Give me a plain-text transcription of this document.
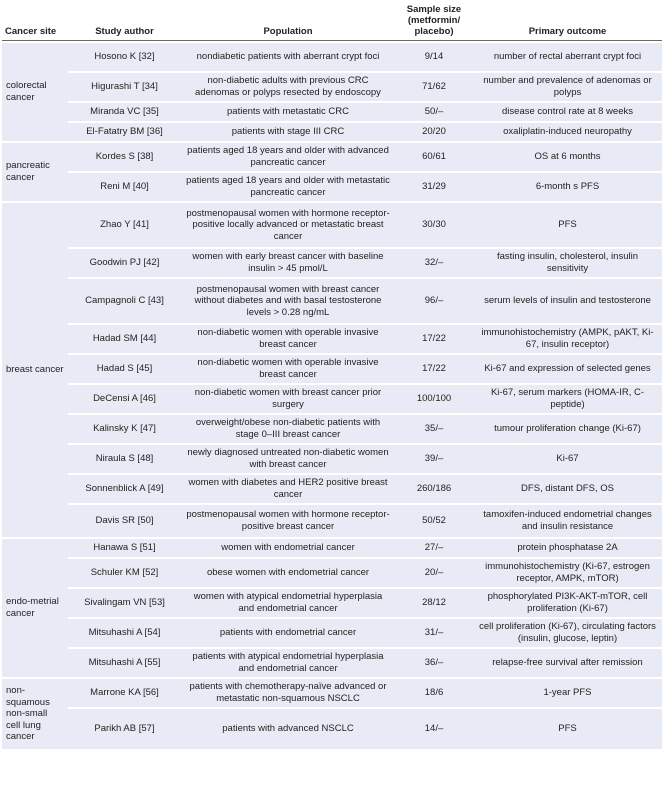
Cancer site	Study author	Population	Sample size (metformin/ placebo)	Primary outcome
colorectal cancer	Hosono K [32]	nondiabetic patients with aberrant crypt foci	9/14	number of rectal aberrant crypt foci
	Higurashi T [34]	non-diabetic adults with previous CRC adenomas or polyps resected by endoscopy	71/62	number and prevalence of adenomas or polyps
	Miranda VC [35]	patients with metastatic CRC	50/–	disease control rate at 8 weeks
	El-Fatatry BM [36]	patients with stage III CRC	20/20	oxaliplatin-induced neuropathy
pancreatic cancer	Kordes S [38]	patients aged 18 years and older with advanced pancreatic cancer	60/61	OS at 6 months
	Reni M [40]	patients aged 18 years and older with metastatic pancreatic cancer	31/29	6-month s PFS
breast cancer	Zhao Y [41]	postmenopausal women with hormone receptor-positive locally advanced or metastatic breast cancer	30/30	PFS
	Goodwin PJ [42]	women with early breast cancer with baseline insulin > 45 pmol/L	32/–	fasting insulin, cholesterol, insulin sensitivity
	Campagnoli C [43]	postmenopausal women with breast cancer without diabetes and with basal testosterone levels > 0.28 ng/mL	96/–	serum levels of insulin and testosterone
	Hadad SM [44]	non-diabetic women with operable invasive breast cancer	17/22	immunohistochemistry (AMPK, pAKT, Ki-67, insulin receptor)
	Hadad S [45]	non-diabetic women with operable invasive breast cancer	17/22	Ki-67 and expression of selected genes
	DeCensi A [46]	non-diabetic women with breast cancer prior surgery	100/100	Ki-67, serum markers (HOMA-IR, C-peptide)
	Kalinsky K [47]	overweight/obese non-diabetic patients with stage 0–III breast cancer	35/–	tumour proliferation change (Ki-67)
	Niraula S [48]	newly diagnosed untreated non-diabetic women with breast cancer	39/–	Ki-67
	Sonnenblick A [49]	women with diabetes and HER2 positive breast cancer	260/186	DFS, distant DFS, OS
	Davis SR [50]	postmenopausal women with hormone receptor-positive breast cancer	50/52	tamoxifen-induced endometrial changes and insulin resistance
endo-metrial cancer	Hanawa S [51]	women with endometrial cancer	27/–	protein phosphatase 2A
	Schuler KM [52]	obese women with endometrial cancer	20/–	immunohistochemistry (Ki-67, estrogen receptor, AMPK, mTOR)
	Sivalingam VN [53]	women with atypical endometrial hyperplasia and endometrial cancer	28/12	phosphorylated PI3K-AKT-mTOR, cell proliferation (Ki-67)
	Mitsuhashi A [54]	patients with endometrial cancer	31/–	cell proliferation (Ki-67), circulating factors (insulin, glucose, leptin)
	Mitsuhashi A [55]	patients with atypical endometrial hyperplasia and endometrial cancer	36/–	relapse-free survival after remission
non-squamous non-small cell lung cancer	Marrone KA [56]	patients with chemotherapy-naïve advanced or metastatic non-squamous NSCLC	18/6	1-year PFS
	Parikh AB [57]	patients with advanced NSCLC	14/–	PFS
